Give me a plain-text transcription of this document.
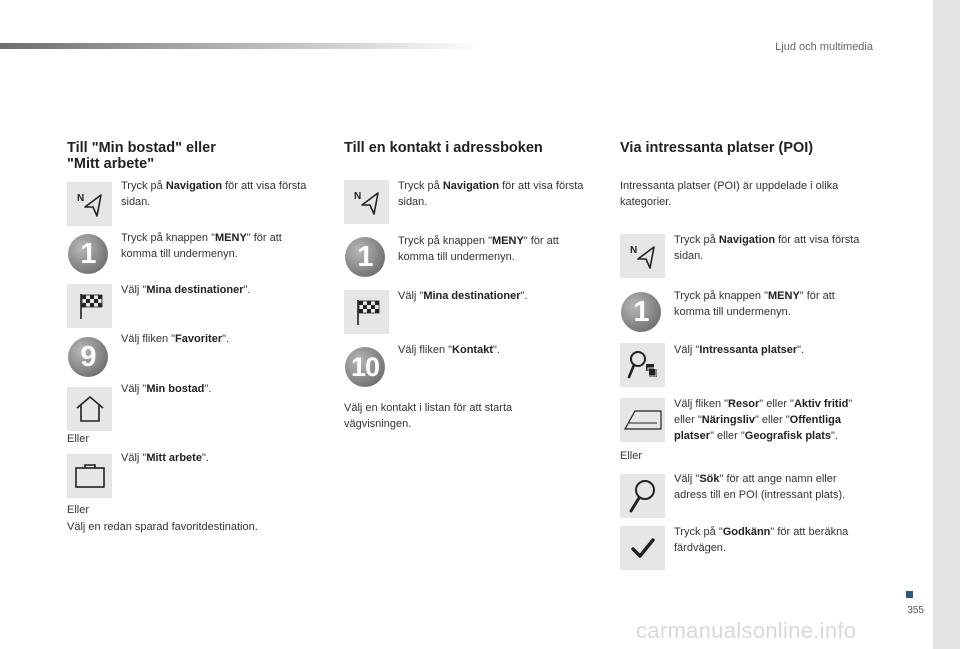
Ljud och multimedia
355
carmanualsonline.info
Till "Min bostad" eller
"Mitt arbete"
N
Tryck på Navigation för att visa första sidan.
1	Tryck på knappen "MENY" för att komma till undermenyn.
Välj "Mina destinationer".
9
Välj fliken "Favoriter".
Välj "Min bostad".
Eller
Välj "Mitt arbete".
Eller
Välj en redan sparad favoritdestination.
Till en kontakt i adressboken
N
Tryck på Navigation för att visa första sidan.
1	Tryck på knappen "MENY" för att komma till undermenyn.
Välj "Mina destinationer".
10
Välj fliken "Kontakt".
Välj en kontakt i listan för att starta vägvisningen.
Via intressanta platser (POI)
Intressanta platser (POI) är uppdelade i olika kategorier.
N
Tryck på Navigation för att visa första sidan.
1	Tryck på knappen "MENY" för att komma till undermenyn.
Välj "Intressanta platser".
Välj fliken "Resor" eller "Aktiv fritid" eller "Näringsliv" eller "Offentliga platser" eller "Geografisk plats".
Eller
Välj "Sök" för att ange namn eller adress till en POI (intressant plats).
Tryck på "Godkänn" för att beräkna färdvägen.
